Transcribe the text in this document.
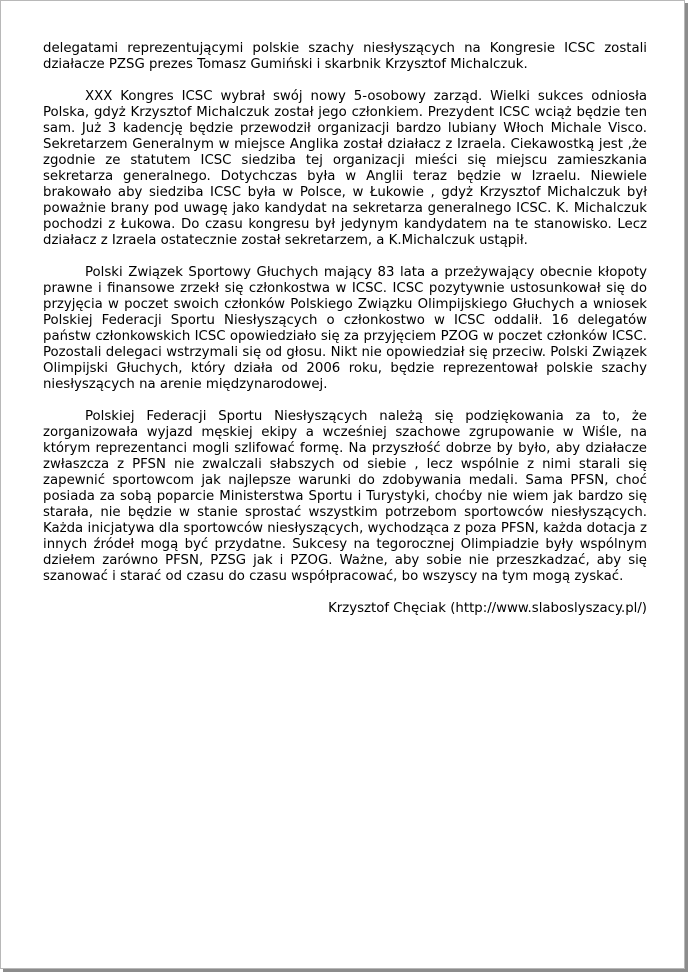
delegatami reprezentującymi polskie szachy niesłyszących na Kongresie ICSC zostali działacze PZSG prezes Tomasz Gumiński i skarbnik Krzysztof Michalczuk.

XXX Kongres ICSC wybrał swój nowy 5-osobowy zarząd. Wielki sukces odniosła Polska, gdyż Krzysztof Michalczuk został jego członkiem. Prezydent ICSC wciąż będzie ten sam. Już 3 kadencję będzie przewodził organizacji bardzo lubiany Włoch Michale Visco. Sekretarzem Generalnym w miejsce Anglika został działacz z Izraela. Ciekawostką jest ,że zgodnie ze statutem ICSC siedziba tej organizacji mieści się miejscu zamieszkania sekretarza generalnego. Dotychczas była w Anglii teraz będzie w Izraelu. Niewiele brakowało aby siedziba ICSC była w Polsce, w Łukowie , gdyż Krzysztof Michalczuk był poważnie brany pod uwagę jako kandydat na sekretarza generalnego ICSC. K. Michalczuk pochodzi z Łukowa. Do czasu kongresu był jedynym kandydatem na te stanowisko. Lecz działacz z Izraela ostatecznie został sekretarzem, a K.Michalczuk ustąpił.

Polski Związek Sportowy Głuchych mający 83 lata a przeżywający obecnie kłopoty prawne i finansowe zrzekł się członkostwa w ICSC. ICSC pozytywnie ustosunkował się do przyjęcia w poczet swoich członków Polskiego Związku Olimpijskiego Głuchych a wniosek Polskiej Federacji Sportu Niesłyszących o członkostwo w ICSC oddalił. 16 delegatów państw członkowskich ICSC opowiedziało się za przyjęciem PZOG w poczet członków ICSC. Pozostali delegaci wstrzymali się od głosu. Nikt nie opowiedział się przeciw. Polski Związek Olimpijski Głuchych, który działa od 2006 roku, będzie reprezentował polskie szachy niesłyszących na arenie międzynarodowej.

Polskiej Federacji Sportu Niesłyszących należą się podziękowania za to, że zorganizowała wyjazd męskiej ekipy a wcześniej szachowe zgrupowanie w Wiśle, na którym reprezentanci mogli szlifować formę. Na przyszłość dobrze by było, aby działacze zwłaszcza z PFSN nie zwalczali słabszych od siebie , lecz wspólnie z nimi starali się zapewnić sportowcom jak najlepsze warunki do zdobywania medali. Sama PFSN, choć posiada za sobą poparcie Ministerstwa Sportu i Turystyki, choćby nie wiem jak bardzo się starała, nie będzie w stanie sprostać wszystkim potrzebom sportowców niesłyszących. Każda inicjatywa dla sportowców niesłyszących, wychodząca z poza PFSN, każda dotacja z innych źródeł mogą być przydatne. Sukcesy na tegorocznej Olimpiadzie były wspólnym dziełem zarówno PFSN, PZSG jak i PZOG. Ważne, aby sobie nie przeszkadzać, aby się szanować i starać od czasu do czasu współpracować, bo wszyscy na tym mogą zyskać.

Krzysztof Chęciak (http://www.slaboslyszacy.pl/)
